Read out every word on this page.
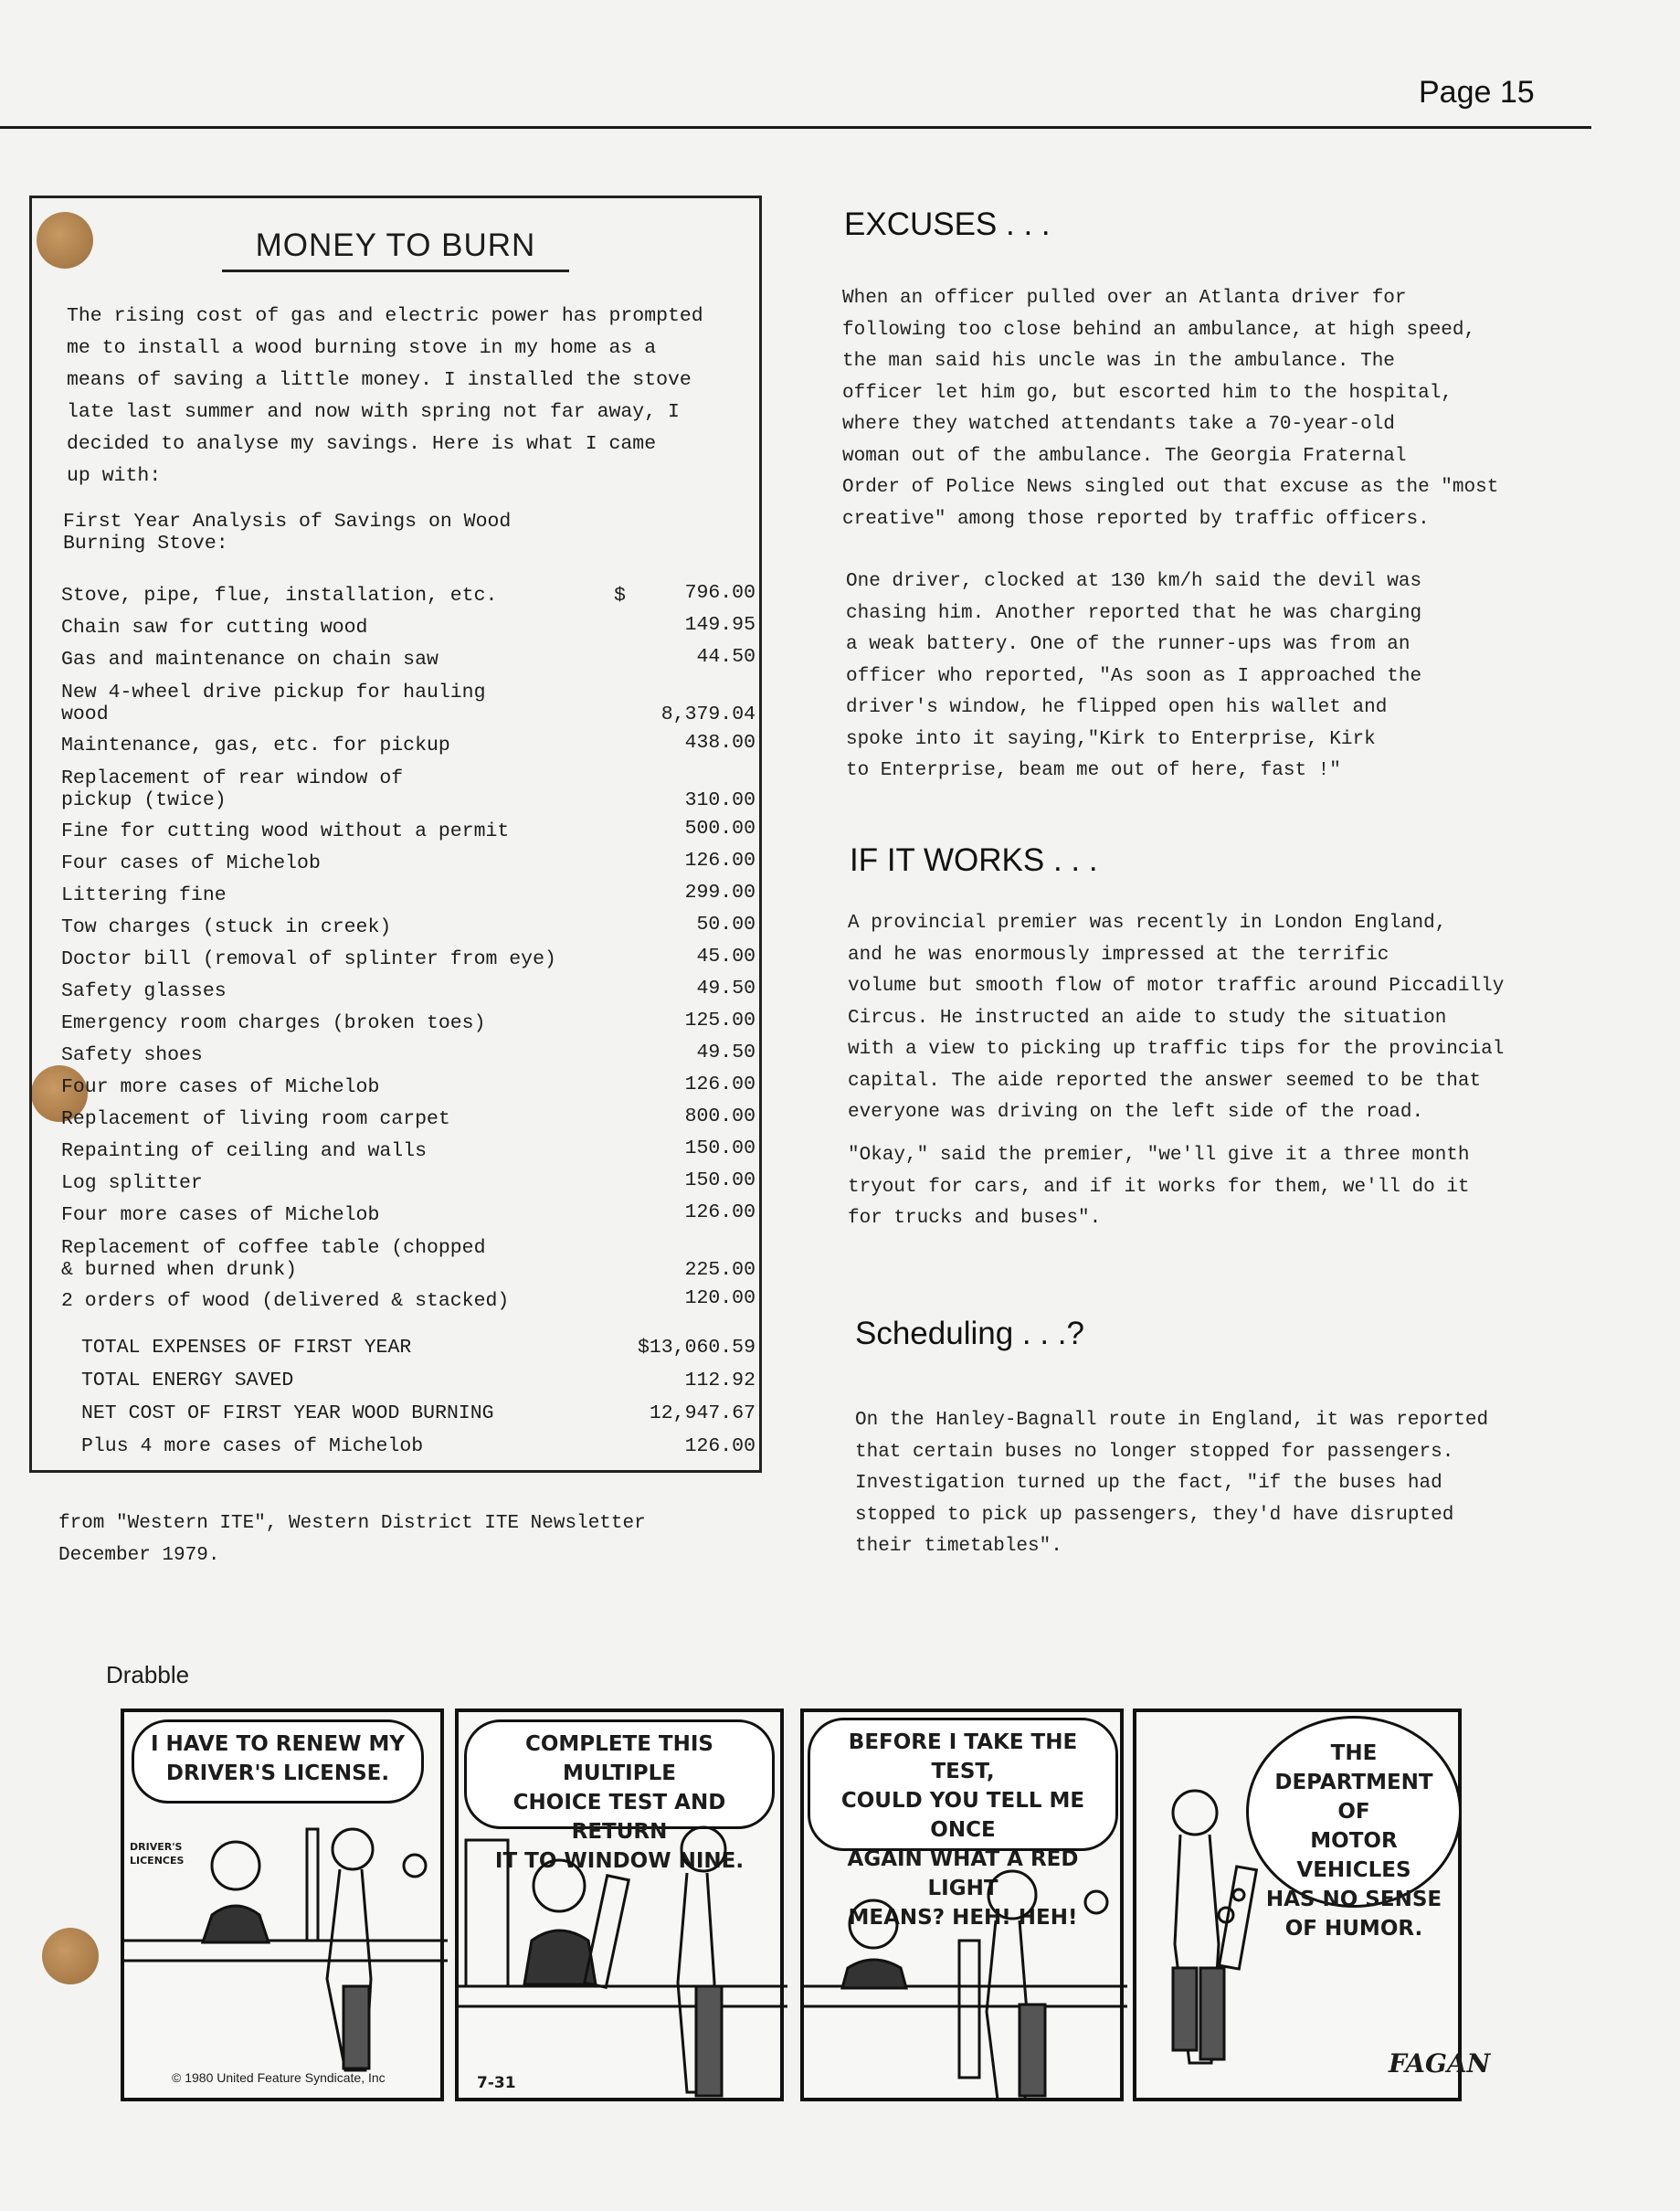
Page 15
MONEY TO BURN
The rising cost of gas and electric power has prompted
me to install a wood burning stove in my home as a
means of saving a little money. I installed the stove
late last summer and now with spring not far away, I
decided to analyse my savings. Here is what I came
up with:
First Year Analysis of Savings on Wood
Burning Stove:
Stove, pipe, flue, installation, etc.	$	796.00
Chain saw for cutting wood	149.95
Gas and maintenance on chain saw	44.50
New 4-wheel drive pickup for hauling
wood	8,379.04
Maintenance, gas, etc. for pickup	438.00
Replacement of rear window of
pickup (twice)	310.00
Fine for cutting wood without a permit	500.00
Four cases of Michelob	126.00
Littering fine	299.00
Tow charges (stuck in creek)	50.00
Doctor bill (removal of splinter from eye)	45.00
Safety glasses	49.50
Emergency room charges (broken toes)	125.00
Safety shoes	49.50
Four more cases of Michelob	126.00
Replacement of living room carpet	800.00
Repainting of ceiling and walls	150.00
Log splitter	150.00
Four more cases of Michelob	126.00
Replacement of coffee table (chopped
& burned when drunk)	225.00
2 orders of wood (delivered & stacked)	120.00
TOTAL EXPENSES OF FIRST YEAR	$13,060.59
TOTAL ENERGY SAVED	112.92
NET COST OF FIRST YEAR WOOD BURNING	12,947.67
Plus 4 more cases of Michelob	126.00
from "Western ITE", Western District ITE Newsletter
December 1979.
EXCUSES . . .
When an officer pulled over an Atlanta driver for
following too close behind an ambulance, at high speed,
the man said his uncle was in the ambulance. The
officer let him go, but escorted him to the hospital,
where they watched attendants take a 70-year-old
woman out of the ambulance. The Georgia Fraternal
Order of Police News singled out that excuse as the "most
creative" among those reported by traffic officers.
One driver, clocked at 130 km/h said the devil was
chasing him. Another reported that he was charging
a weak battery. One of the runner-ups was from an
officer who reported, "As soon as I approached the
driver's window, he flipped open his wallet and
spoke into it saying,"Kirk to Enterprise, Kirk
to Enterprise, beam me out of here, fast !"
IF IT WORKS . . .
A provincial premier was recently in London England,
and he was enormously impressed at the terrific
volume but smooth flow of motor traffic around Piccadilly
Circus. He instructed an aide to study the situation
with a view to picking up traffic tips for the provincial
capital. The aide reported the answer seemed to be that
everyone was driving on the left side of the road.
"Okay," said the premier, "we'll give it a three month
tryout for cars, and if it works for them, we'll do it
for trucks and buses".
Scheduling . . .?
On the Hanley-Bagnall route in England, it was reported
that certain buses no longer stopped for passengers.
Investigation turned up the fact, "if the buses had
stopped to pick up passengers, they'd have disrupted
their timetables".
Drabble
I HAVE TO RENEW MY
DRIVER'S LICENSE.
DRIVER'S
LICENCES
© 1980 United Feature Syndicate, Inc
COMPLETE THIS MULTIPLE
CHOICE TEST AND RETURN
IT TO WINDOW NINE.
7-31
BEFORE I TAKE THE TEST,
COULD YOU TELL ME ONCE
AGAIN WHAT A RED LIGHT
MEANS? HEH! HEH!
THE
DEPARTMENT OF
MOTOR VEHICLES
HAS NO SENSE
OF HUMOR.
FAGAN
